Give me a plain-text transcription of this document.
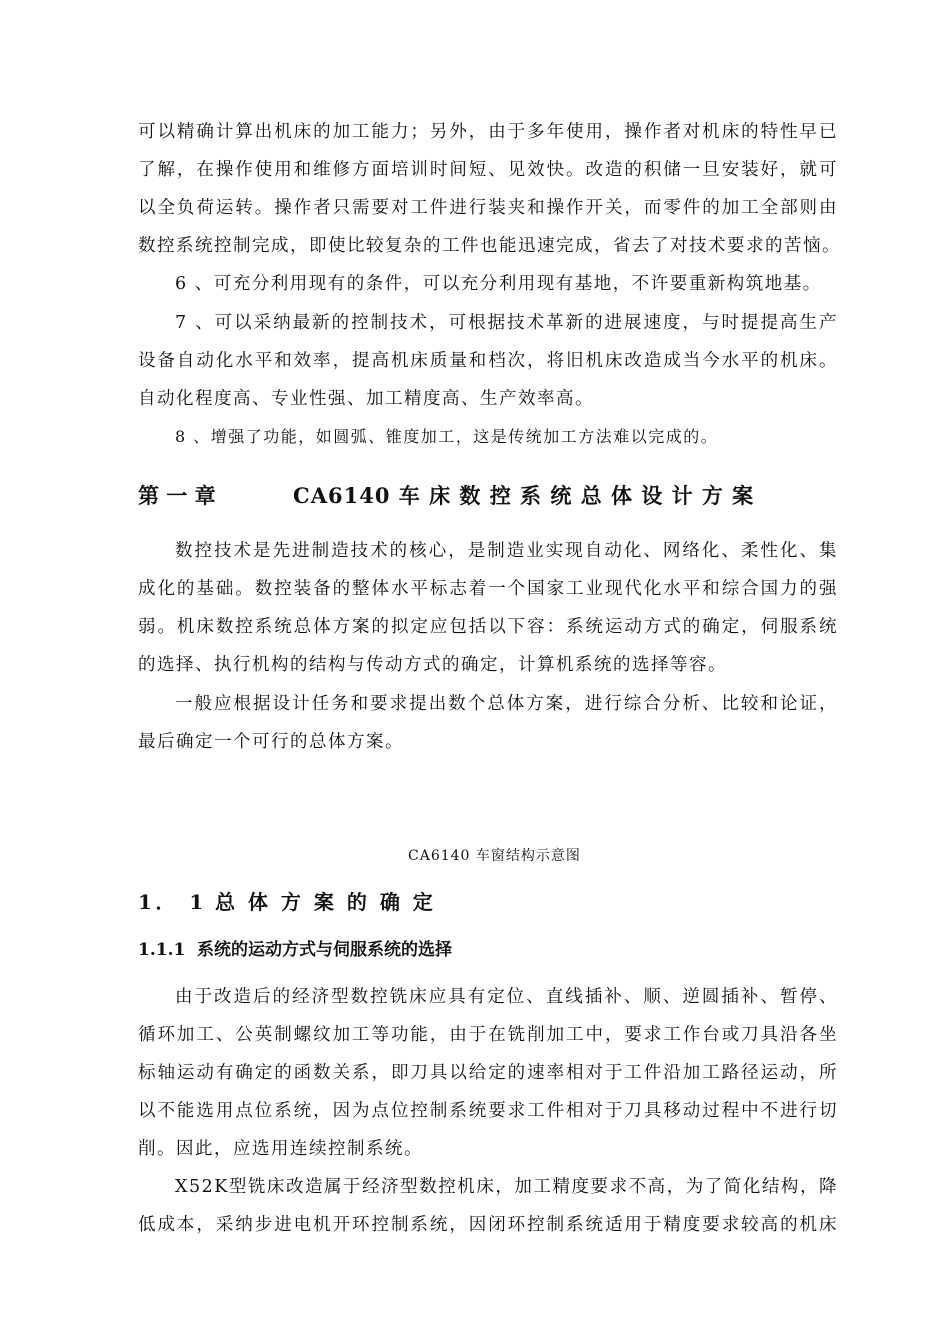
可以精确计算出机床的加工能力；另外，由于多年使用，操作者对机床的特性早已
了解，在操作使用和维修方面培训时间短、见效快。改造的积储一旦安装好，就可
以全负荷运转。操作者只需要对工件进行装夹和操作开关，而零件的加工全部则由
数控系统控制完成，即使比较复杂的工件也能迅速完成，省去了对技术要求的苦恼。
6 、可充分利用现有的条件，可以充分利用现有基地，不许要重新构筑地基。
7 、可以采纳最新的控制技术，可根据技术革新的进展速度，与时提提高生产
设备自动化水平和效率，提高机床质量和档次，将旧机床改造成当今水平的机床。
自动化程度高、专业性强、加工精度高、生产效率高。
8 、增强了功能，如圆弧、锥度加工，这是传统加工方法难以完成的。
第 一 章	CA6140 车 床 数 控 系 统 总 体 设 计 方 案
数控技术是先进制造技术的核心，是制造业实现自动化、网络化、柔性化、集
成化的基础。数控装备的整体水平标志着一个国家工业现代化水平和综合国力的强
弱。机床数控系统总体方案的拟定应包括以下容：系统运动方式的确定，伺服系统
的选择、执行机构的结构与传动方式的确定，计算机系统的选择等容。
一般应根据设计任务和要求提出数个总体方案，进行综合分析、比较和论证，
最后确定一个可行的总体方案。
CA6140 车窗结构示意图
1． 1 总 体 方 案 的 确 定
1.1.1 系统的运动方式与伺服系统的选择
由于改造后的经济型数控铣床应具有定位、直线插补、顺、逆圆插补、暂停、
循环加工、公英制螺纹加工等功能，由于在铣削加工中，要求工作台或刀具沿各坐
标轴运动有确定的函数关系，即刀具以给定的速率相对于工件沿加工路径运动，所
以不能选用点位系统，因为点位控制系统要求工件相对于刀具移动过程中不进行切
削。因此，应选用连续控制系统。
X52K型铣床改造属于经济型数控机床，加工精度要求不高，为了简化结构，降
低成本，采纳步进电机开环控制系统，因闭环控制系统适用于精度要求较高的机床
